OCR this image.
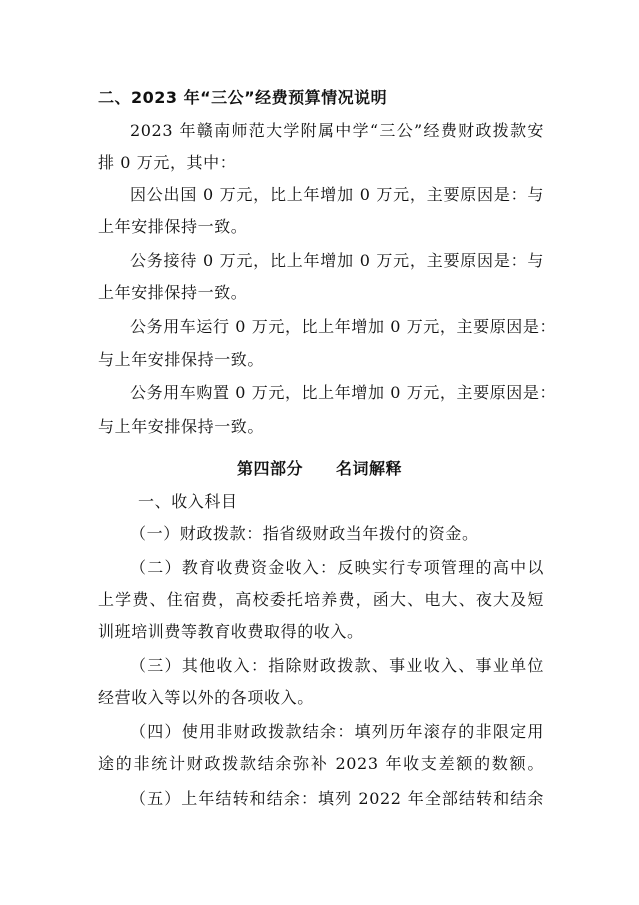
二、2023 年“三公”经费预算情况说明
2023 年赣南师范大学附属中学“三公”经费财政拨款安
排 0 万元，其中：
因公出国 0 万元，比上年增加 0 万元，主要原因是：与
上年安排保持一致。
公务接待 0 万元，比上年增加 0 万元，主要原因是：与
上年安排保持一致。
公务用车运行 0 万元，比上年增加 0 万元，主要原因是：
与上年安排保持一致。
公务用车购置 0 万元，比上年增加 0 万元，主要原因是：
与上年安排保持一致。
第四部分　　名词解释
一、收入科目
（一）财政拨款：指省级财政当年拨付的资金。
（二）教育收费资金收入：反映实行专项管理的高中以
上学费、住宿费，高校委托培养费，函大、电大、夜大及短
训班培训费等教育收费取得的收入。
（三）其他收入：指除财政拨款、事业收入、事业单位
经营收入等以外的各项收入。
（四）使用非财政拨款结余：填列历年滚存的非限定用
途的非统计财政拨款结余弥补 2023 年收支差额的数额。
（五）上年结转和结余：填列 2022 年全部结转和结余
